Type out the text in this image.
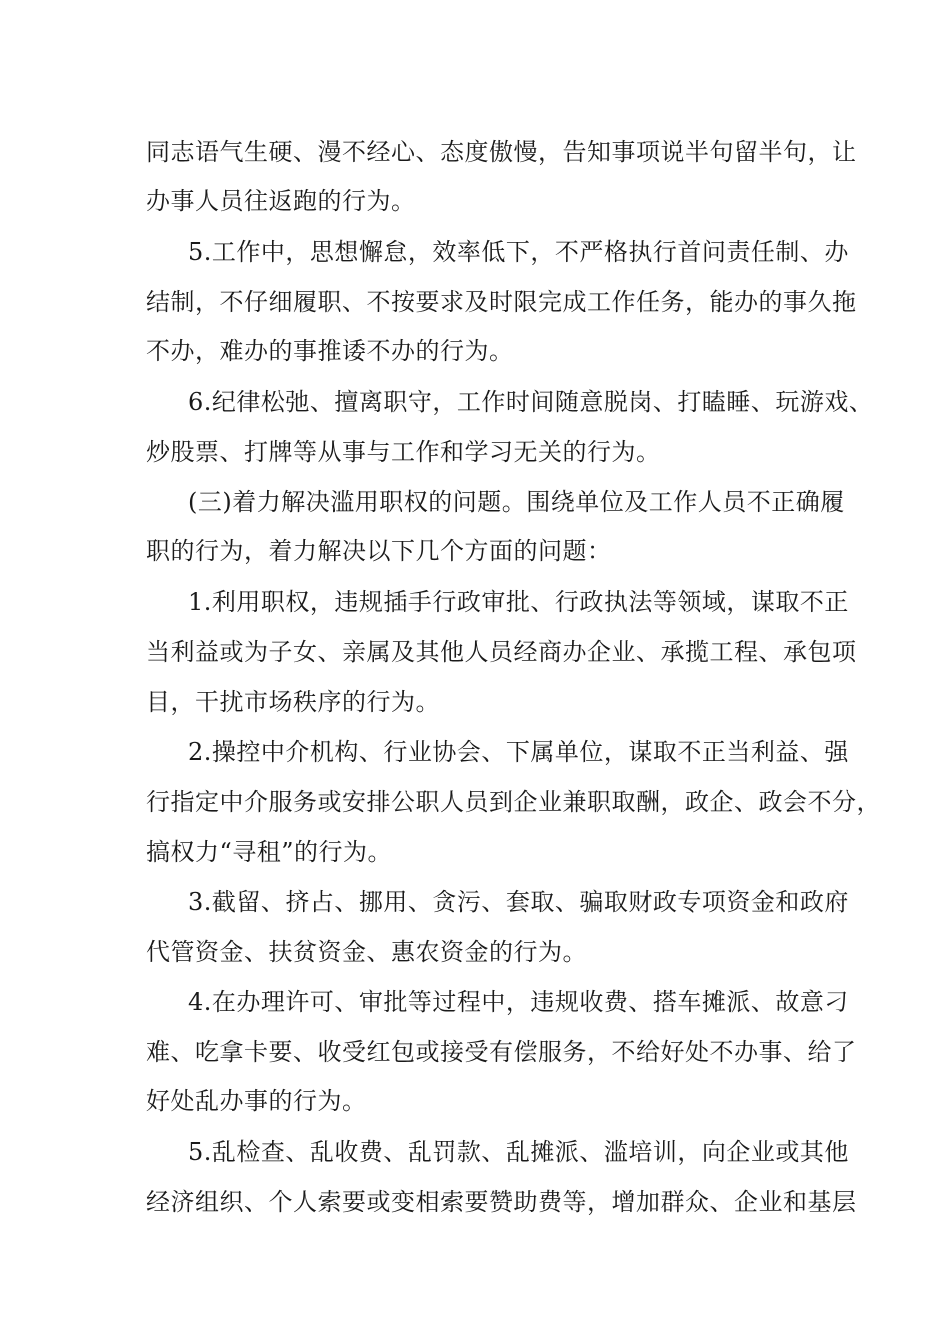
同志语气生硬、漫不经心、态度傲慢，告知事项说半句留半句，让
办事人员往返跑的行为。
5.工作中，思想懈怠，效率低下，不严格执行首问责任制、办
结制，不仔细履职、不按要求及时限完成工作任务，能办的事久拖
不办，难办的事推诿不办的行为。
6.纪律松弛、擅离职守，工作时间随意脱岗、打瞌睡、玩游戏、
炒股票、打牌等从事与工作和学习无关的行为。
(三)着力解决滥用职权的问题。围绕单位及工作人员不正确履
职的行为，着力解决以下几个方面的问题：
1.利用职权，违规插手行政审批、行政执法等领域，谋取不正
当利益或为子女、亲属及其他人员经商办企业、承揽工程、承包项
目，干扰市场秩序的行为。
2.操控中介机构、行业协会、下属单位，谋取不正当利益、强
行指定中介服务或安排公职人员到企业兼职取酬，政企、政会不分，
搞权力“寻租”的行为。
3.截留、挤占、挪用、贪污、套取、骗取财政专项资金和政府
代管资金、扶贫资金、惠农资金的行为。
4.在办理许可、审批等过程中，违规收费、搭车摊派、故意刁
难、吃拿卡要、收受红包或接受有偿服务，不给好处不办事、给了
好处乱办事的行为。
5.乱检查、乱收费、乱罚款、乱摊派、滥培训，向企业或其他
经济组织、个人索要或变相索要赞助费等，增加群众、企业和基层
